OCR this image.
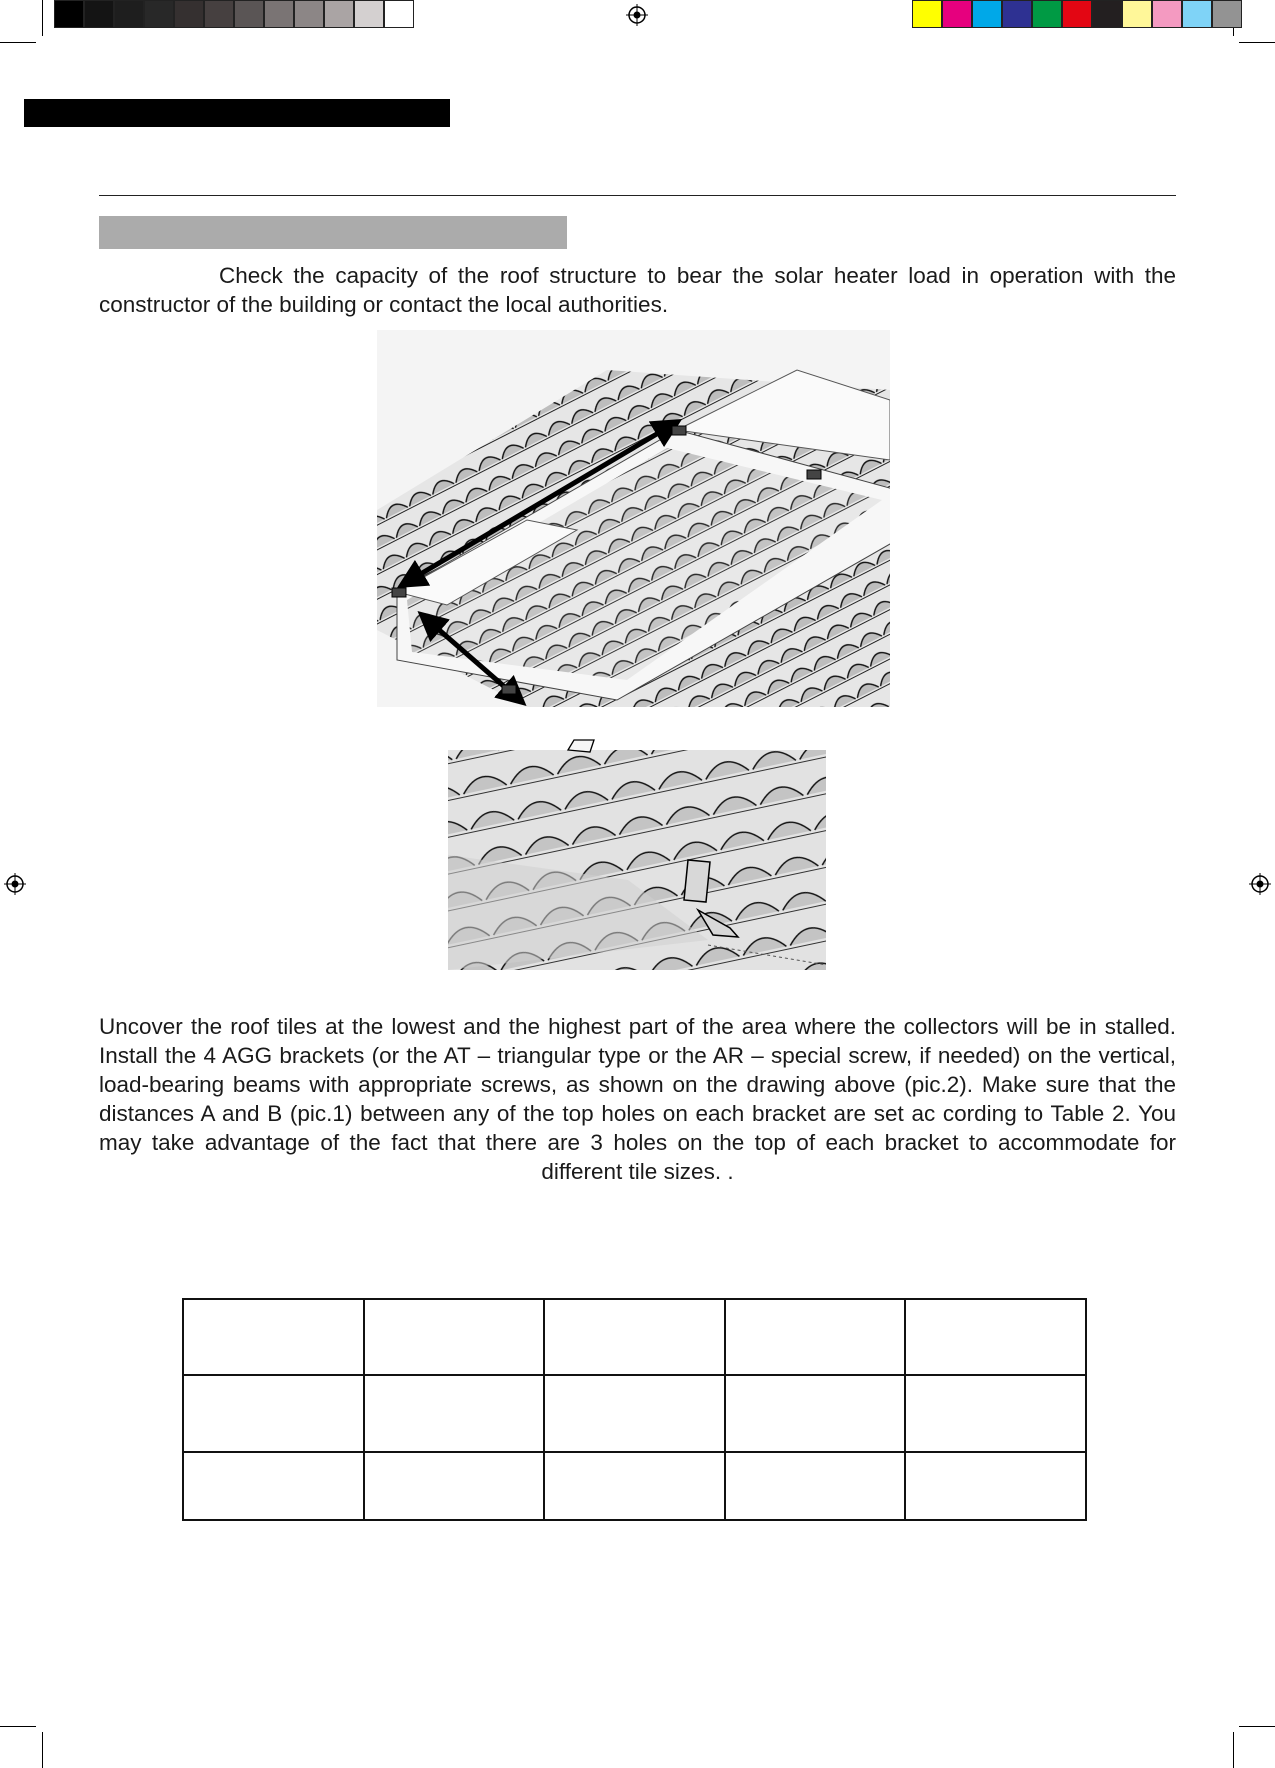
Check the capacity of the roof structure to bear the solar heater load in operation with the constructor of the building or contact the local authorities.

Uncover the roof tiles at the lowest and the highest part of the area where the collectors will be in stalled. Install the 4 AGG brackets (or the AT – triangular type or the AR – special screw, if needed) on the vertical, load-bearing beams with appropriate screws, as shown on the drawing above (pic.2). Make sure that the distances A and B (pic.1) between any of the top holes on each bracket are set ac cording to Table 2. You may take advantage of the fact that there are 3 holes on the top of each bracket to accommodate for different tile sizes. .
